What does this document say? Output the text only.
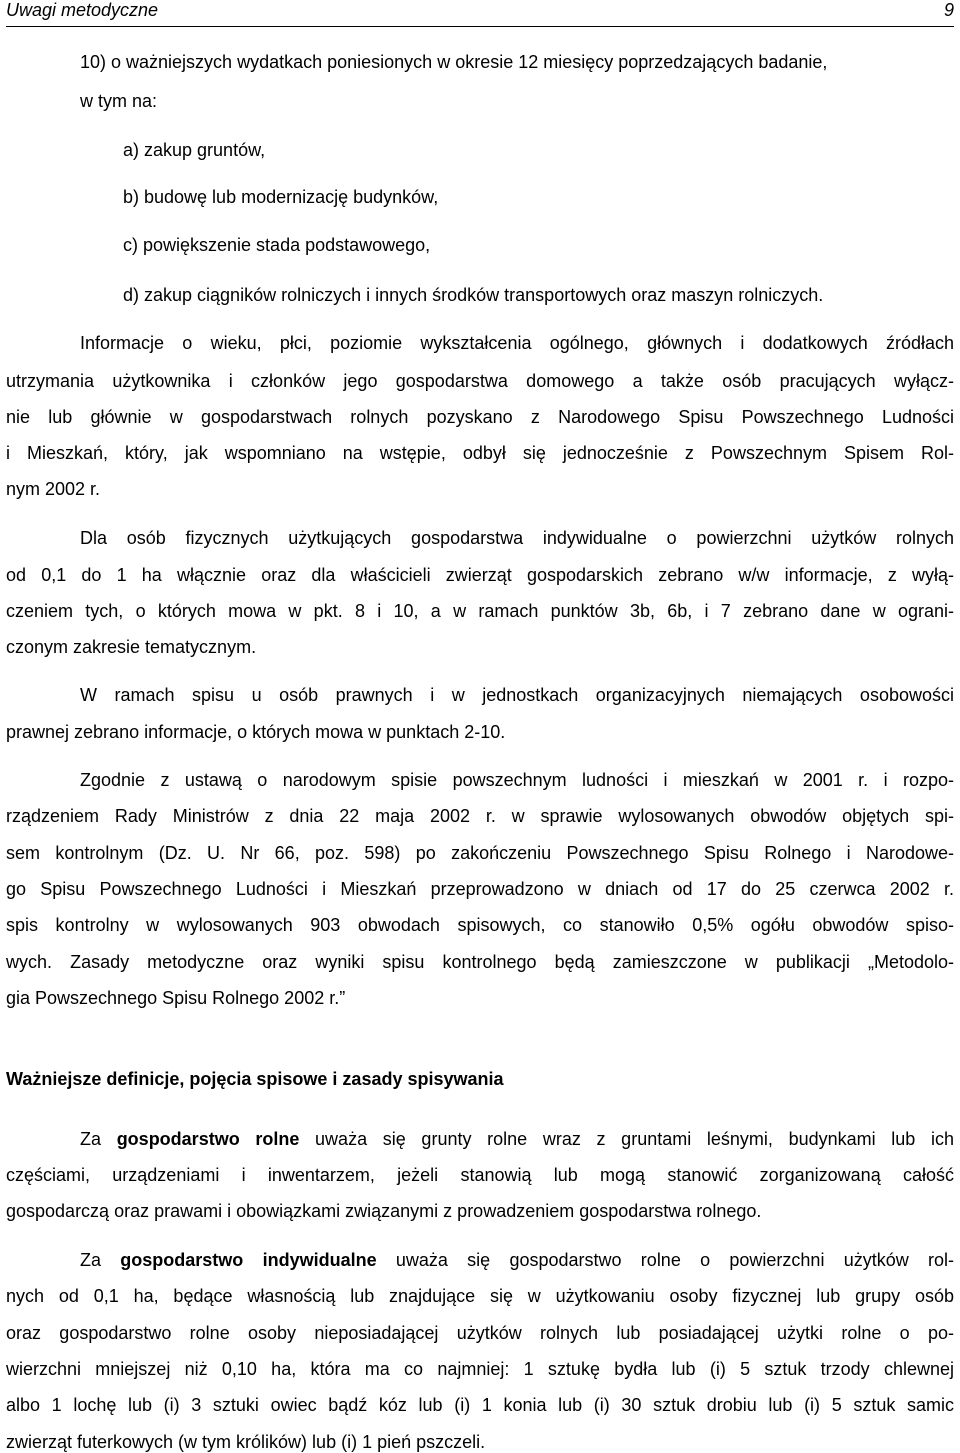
Uwagi metodyczne	9
10) o ważniejszych wydatkach poniesionych w okresie 12 miesięcy poprzedzających badanie,
w tym na:
a) zakup gruntów,
b) budowę lub modernizację budynków,
c) powiększenie stada podstawowego,
d) zakup ciągników rolniczych i innych środków transportowych oraz maszyn rolniczych.
Informacje o wieku, płci, poziomie wykształcenia ogólnego, głównych i dodatkowych źródłach
utrzymania użytkownika i członków jego gospodarstwa domowego a także osób pracujących wyłącz-
nie lub głównie w gospodarstwach rolnych pozyskano z Narodowego Spisu Powszechnego Ludności
i Mieszkań, który, jak wspomniano na wstępie, odbył się jednocześnie z Powszechnym Spisem Rol-
nym 2002 r.
Dla osób fizycznych użytkujących gospodarstwa indywidualne o powierzchni użytków rolnych
od 0,1 do 1 ha włącznie oraz dla właścicieli zwierząt gospodarskich zebrano w/w informacje, z wyłą-
czeniem tych, o których mowa w pkt. 8 i 10, a w ramach punktów 3b, 6b, i 7 zebrano dane w ograni-
czonym zakresie tematycznym.
W ramach spisu u osób prawnych i w jednostkach organizacyjnych niemających osobowości
prawnej zebrano informacje, o których mowa w punktach 2-10.
Zgodnie z ustawą o narodowym spisie powszechnym ludności i mieszkań w 2001 r. i rozpo-
rządzeniem Rady Ministrów z dnia 22 maja 2002 r. w sprawie wylosowanych obwodów objętych spi-
sem kontrolnym (Dz. U. Nr 66, poz. 598) po zakończeniu Powszechnego Spisu Rolnego i Narodowe-
go Spisu Powszechnego Ludności i Mieszkań przeprowadzono w dniach od 17 do 25 czerwca 2002 r.
spis kontrolny w wylosowanych 903 obwodach spisowych, co stanowiło 0,5% ogółu obwodów spiso-
wych. Zasady metodyczne oraz wyniki spisu kontrolnego będą zamieszczone w publikacji „Metodolo-
gia Powszechnego Spisu Rolnego 2002 r.”
Ważniejsze definicje, pojęcia spisowe i zasady spisywania
Za gospodarstwo rolne uważa się grunty rolne wraz z gruntami leśnymi, budynkami lub ich
częściami, urządzeniami i inwentarzem, jeżeli stanowią lub mogą stanowić zorganizowaną całość
gospodarczą oraz prawami i obowiązkami związanymi z prowadzeniem gospodarstwa rolnego.
Za gospodarstwo indywidualne uważa się gospodarstwo rolne o powierzchni użytków rol-
nych od 0,1 ha, będące własnością lub znajdujące się w użytkowaniu osoby fizycznej lub grupy osób
oraz gospodarstwo rolne osoby nieposiadającej użytków rolnych lub posiadającej użytki rolne o po-
wierzchni mniejszej niż 0,10 ha, która ma co najmniej: 1 sztukę bydła lub (i) 5 sztuk trzody chlewnej
albo 1 lochę lub (i) 3 sztuki owiec bądź kóz lub (i) 1 konia lub (i) 30 sztuk drobiu lub (i) 5 sztuk samic
zwierząt futerkowych (w tym królików) lub (i) 1 pień pszczeli.
